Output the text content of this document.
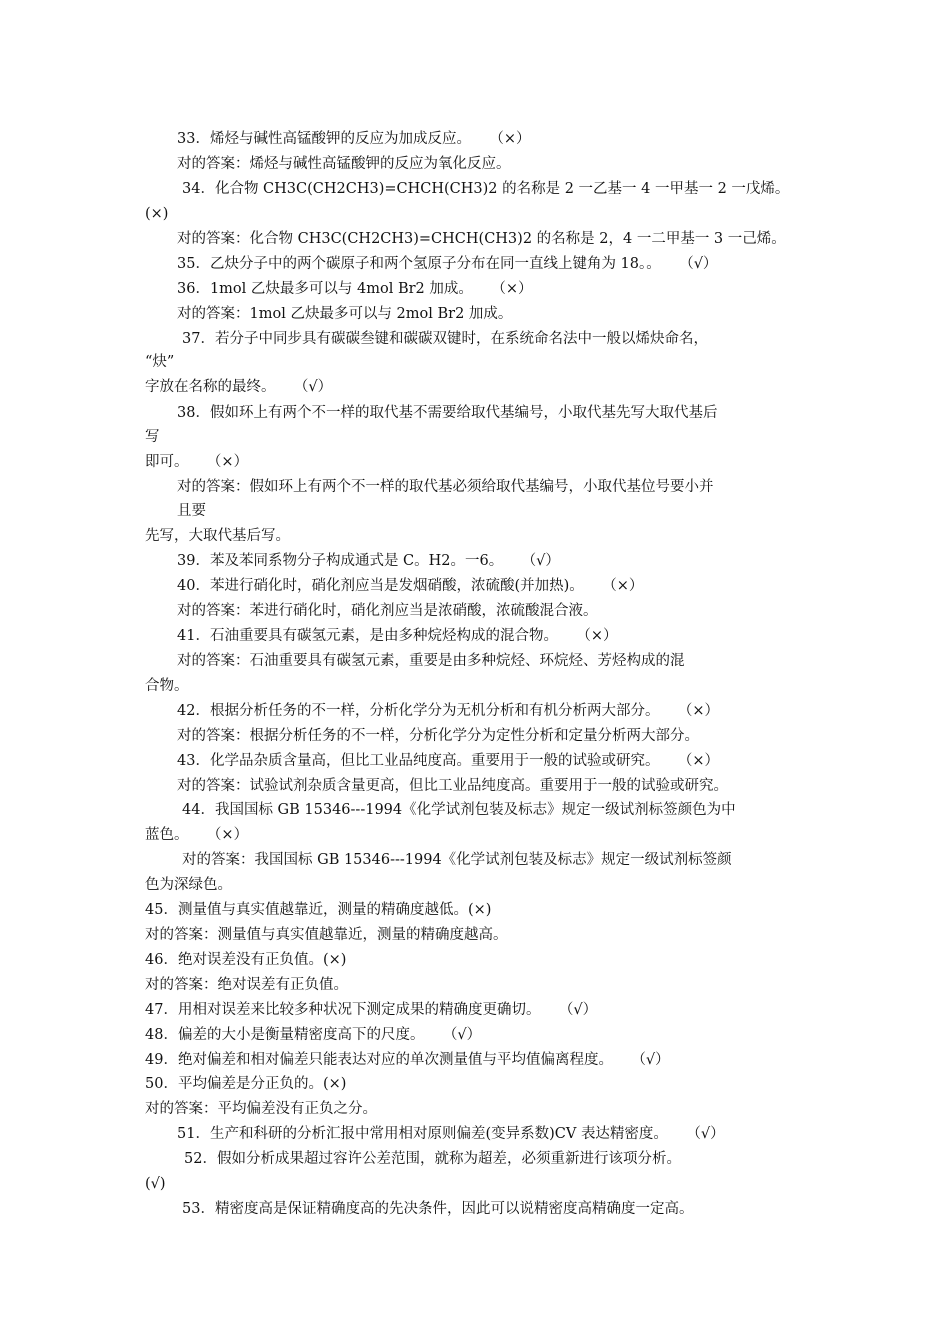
33．烯烃与碱性高锰酸钾的反应为加成反应。    （×）
对的答案：烯烃与碱性高锰酸钾的反应为氧化反应。
34．化合物 CH3C(CH2CH3)=CHCH(CH3)2 的名称是 2 一乙基一 4 一甲基一 2 一戊烯。
(×)
对的答案：化合物 CH3C(CH2CH3)=CHCH(CH3)2 的名称是 2，4 一二甲基一 3 一己烯。
35．乙炔分子中的两个碳原子和两个氢原子分布在同一直线上键角为 18。。    （√）
36．1mol 乙炔最多可以与 4mol Br2 加成。    （×）
对的答案：1mol 乙炔最多可以与 2mol Br2 加成。
37．若分子中同步具有碳碳叁键和碳碳双键时，在系统命名法中一般以烯炔命名，
“炔”
字放在名称的最终。    （√）
38．假如环上有两个不一样的取代基不需要给取代基编号，小取代基先写大取代基后
写
即可。    （×）
对的答案：假如环上有两个不一样的取代基必须给取代基编号，小取代基位号要小并
且要
先写，大取代基后写。
39．苯及苯同系物分子构成通式是 C。H2。一6。    （√）
40．苯进行硝化时，硝化剂应当是发烟硝酸，浓硫酸(并加热)。    （×）
对的答案：苯进行硝化时，硝化剂应当是浓硝酸，浓硫酸混合液。
41．石油重要具有碳氢元素，是由多种烷烃构成的混合物。    （×）
对的答案：石油重要具有碳氢元素，重要是由多种烷烃、环烷烃、芳烃构成的混
合物。
42．根据分析任务的不一样，分析化学分为无机分析和有机分析两大部分。    （×）
对的答案：根据分析任务的不一样，分析化学分为定性分析和定量分析两大部分。
43．化学品杂质含量高，但比工业品纯度高。重要用于一般的试验或研究。    （×）
对的答案：试验试剂杂质含量更高，但比工业品纯度高。重要用于一般的试验或研究。
44．我国国标 GB 15346---1994《化学试剂包装及标志》规定一级试剂标签颜色为中
蓝色。    （×）
对的答案：我国国标 GB 15346---1994《化学试剂包装及标志》规定一级试剂标签颜
色为深绿色。
45．测量值与真实值越靠近，测量的精确度越低。(×)
对的答案：测量值与真实值越靠近，测量的精确度越高。
46．绝对误差没有正负值。(×)
对的答案：绝对误差有正负值。
47．用相对误差来比较多种状况下测定成果的精确度更确切。    （√）
48．偏差的大小是衡量精密度高下的尺度。    （√）
49．绝对偏差和相对偏差只能表达对应的单次测量值与平均值偏离程度。    （√）
50．平均偏差是分正负的。(×)
对的答案：平均偏差没有正负之分。
51．生产和科研的分析汇报中常用相对原则偏差(变异系数)CV 表达精密度。    （√）
52．假如分析成果超过容许公差范围，就称为超差，必须重新进行该项分析。
(√)
53．精密度高是保证精确度高的先决条件，因此可以说精密度高精确度一定高。
